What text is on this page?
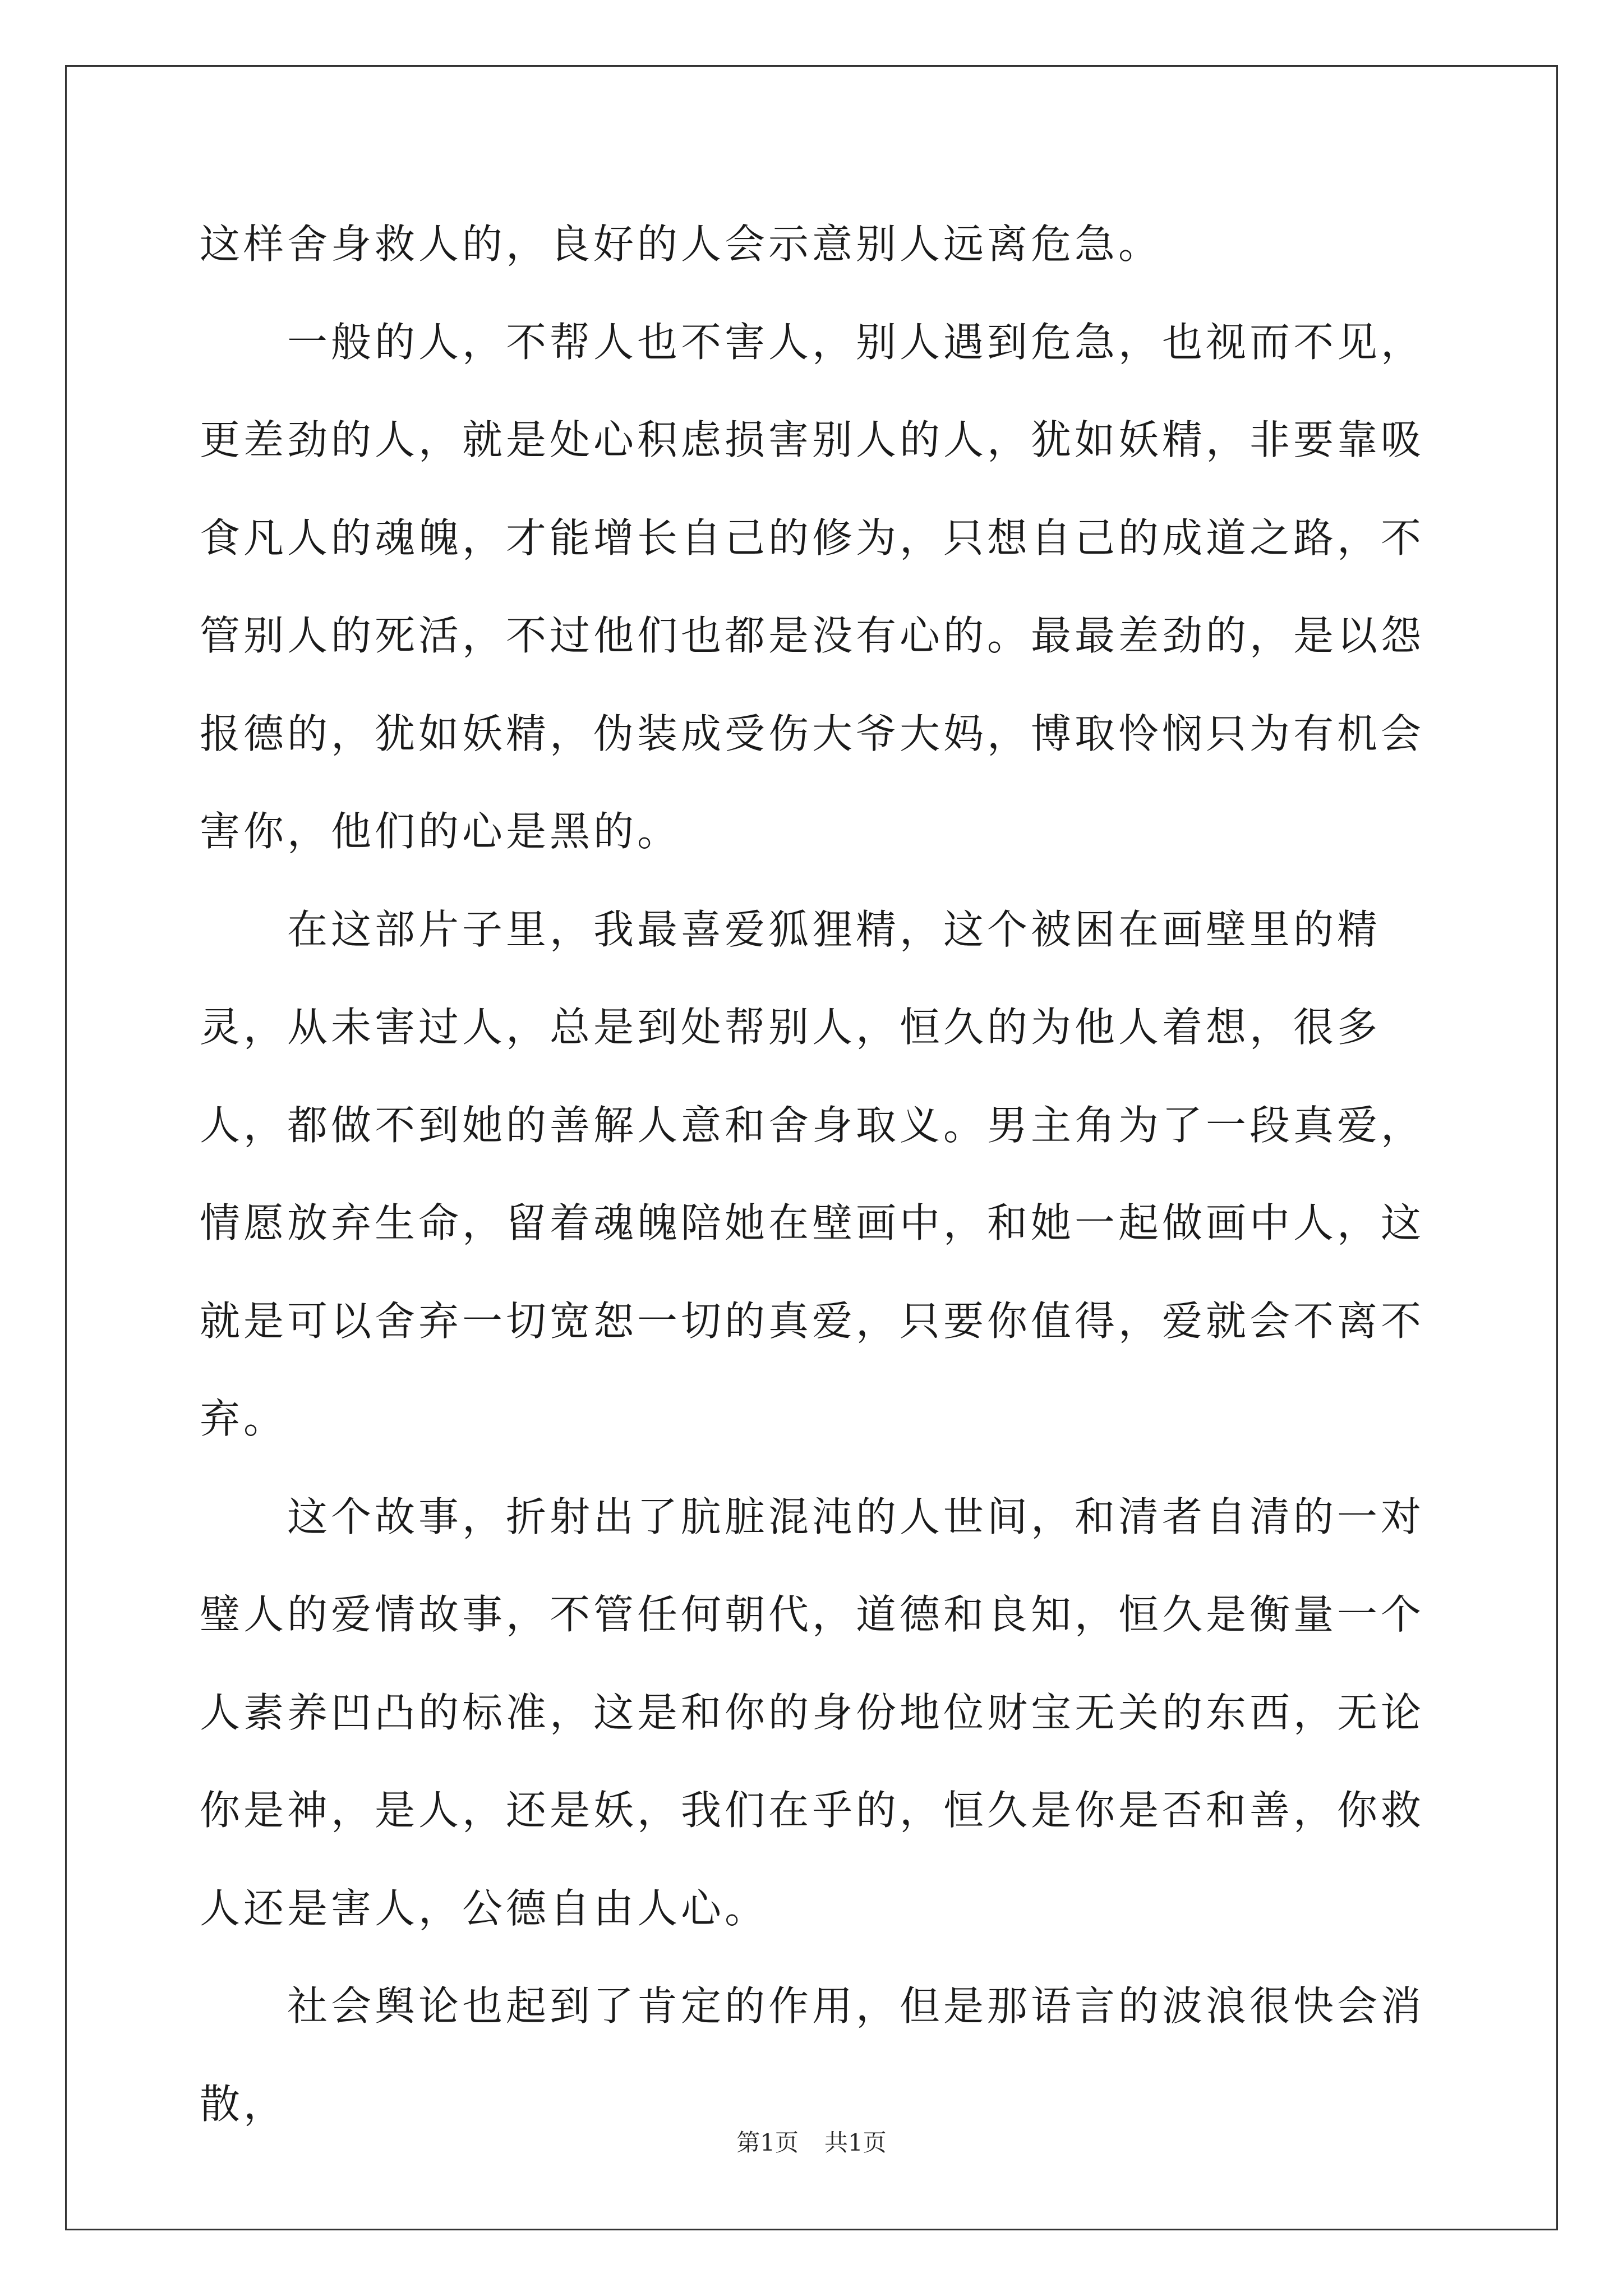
这样舍身救人的，良好的人会示意别人远离危急。

一般的人，不帮人也不害人，别人遇到危急，也视而不见，更差劲的人，就是处心积虑损害别人的人，犹如妖精，非要靠吸食凡人的魂魄，才能增长自己的修为，只想自己的成道之路，不管别人的死活，不过他们也都是没有心的。最最差劲的，是以怨报德的，犹如妖精，伪装成受伤大爷大妈，博取怜悯只为有机会害你，他们的心是黑的。

在这部片子里，我最喜爱狐狸精，这个被困在画壁里的精灵，从未害过人，总是到处帮别人，恒久的为他人着想，很多人，都做不到她的善解人意和舍身取义。男主角为了一段真爱，情愿放弃生命，留着魂魄陪她在壁画中，和她一起做画中人，这就是可以舍弃一切宽恕一切的真爱，只要你值得，爱就会不离不弃。

这个故事，折射出了肮脏混沌的人世间，和清者自清的一对璧人的爱情故事，不管任何朝代，道德和良知，恒久是衡量一个人素养凹凸的标准，这是和你的身份地位财宝无关的东西，无论你是神，是人，还是妖，我们在乎的，恒久是你是否和善，你救人还是害人，公德自由人心。

社会舆论也起到了肯定的作用，但是那语言的波浪很快会消散，

第1页 共1页
